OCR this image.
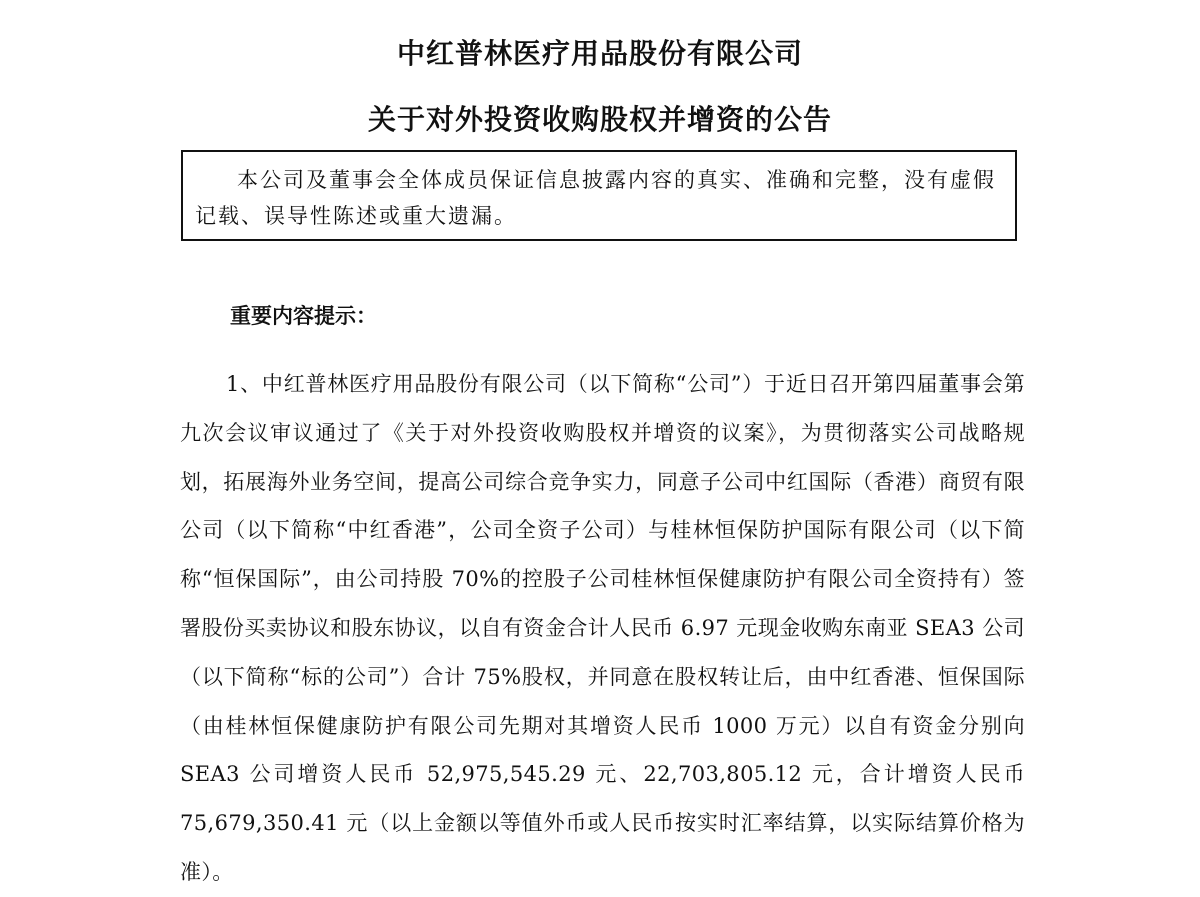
中红普林医疗用品股份有限公司
关于对外投资收购股权并增资的公告

本公司及董事会全体成员保证信息披露内容的真实、准确和完整，没有虚假记载、误导性陈述或重大遗漏。

重要内容提示：

1、中红普林医疗用品股份有限公司（以下简称“公司”）于近日召开第四届董事会第九次会议审议通过了《关于对外投资收购股权并增资的议案》，为贯彻落实公司战略规划，拓展海外业务空间，提高公司综合竞争实力，同意子公司中红国际（香港）商贸有限公司（以下简称“中红香港”，公司全资子公司）与桂林恒保防护国际有限公司（以下简称“恒保国际”，由公司持股 70%的控股子公司桂林恒保健康防护有限公司全资持有）签署股份买卖协议和股东协议，以自有资金合计人民币 6.97 元现金收购东南亚 SEA3 公司（以下简称“标的公司”）合计 75%股权，并同意在股权转让后，由中红香港、恒保国际（由桂林恒保健康防护有限公司先期对其增资人民币 1000 万元）以自有资金分别向 SEA3 公司增资人民币 52,975,545.29 元、22,703,805.12 元，合计增资人民币 75,679,350.41 元（以上金额以等值外币或人民币按实时汇率结算，以实际结算价格为准）。
